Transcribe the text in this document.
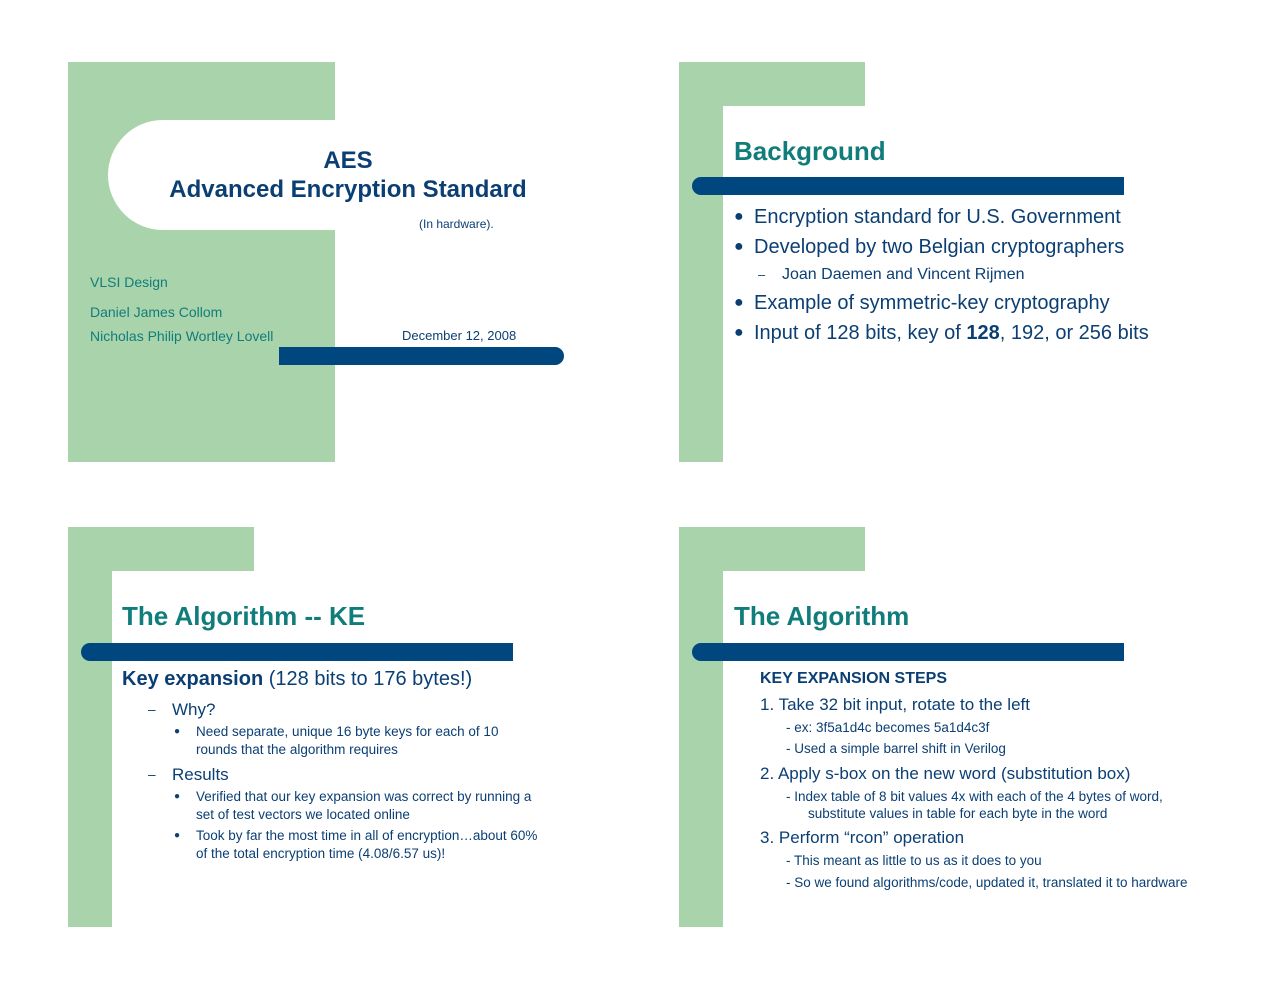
AES
Advanced Encryption Standard
(In hardware).
VLSI Design
Daniel James Collom
Nicholas Philip Wortley Lovell	December 12, 2008
Background
● Encryption standard for U.S. Government
● Developed by two Belgian cryptographers
– Joan Daemen and Vincent Rijmen
● Example of symmetric-key cryptography
● Input of 128 bits, key of 128, 192, or 256 bits
The Algorithm -- KE
Key expansion (128 bits to 176 bytes!)
– Why?
● Need separate, unique 16 byte keys for each of 10 rounds that the algorithm requires
– Results
● Verified that our key expansion was correct by running a set of test vectors we located online
● Took by far the most time in all of encryption…about 60% of the total encryption time (4.08/6.57 us)!
The Algorithm
KEY EXPANSION STEPS
1. Take 32 bit input, rotate to the left
- ex: 3f5a1d4c becomes 5a1d4c3f
- Used a simple barrel shift in Verilog
2. Apply s-box on the new word (substitution box)
- Index table of 8 bit values 4x with each of the 4 bytes of word, substitute values in table for each byte in the word
3. Perform “rcon” operation
- This meant as little to us as it does to you
- So we found algorithms/code, updated it, translated it to hardware
